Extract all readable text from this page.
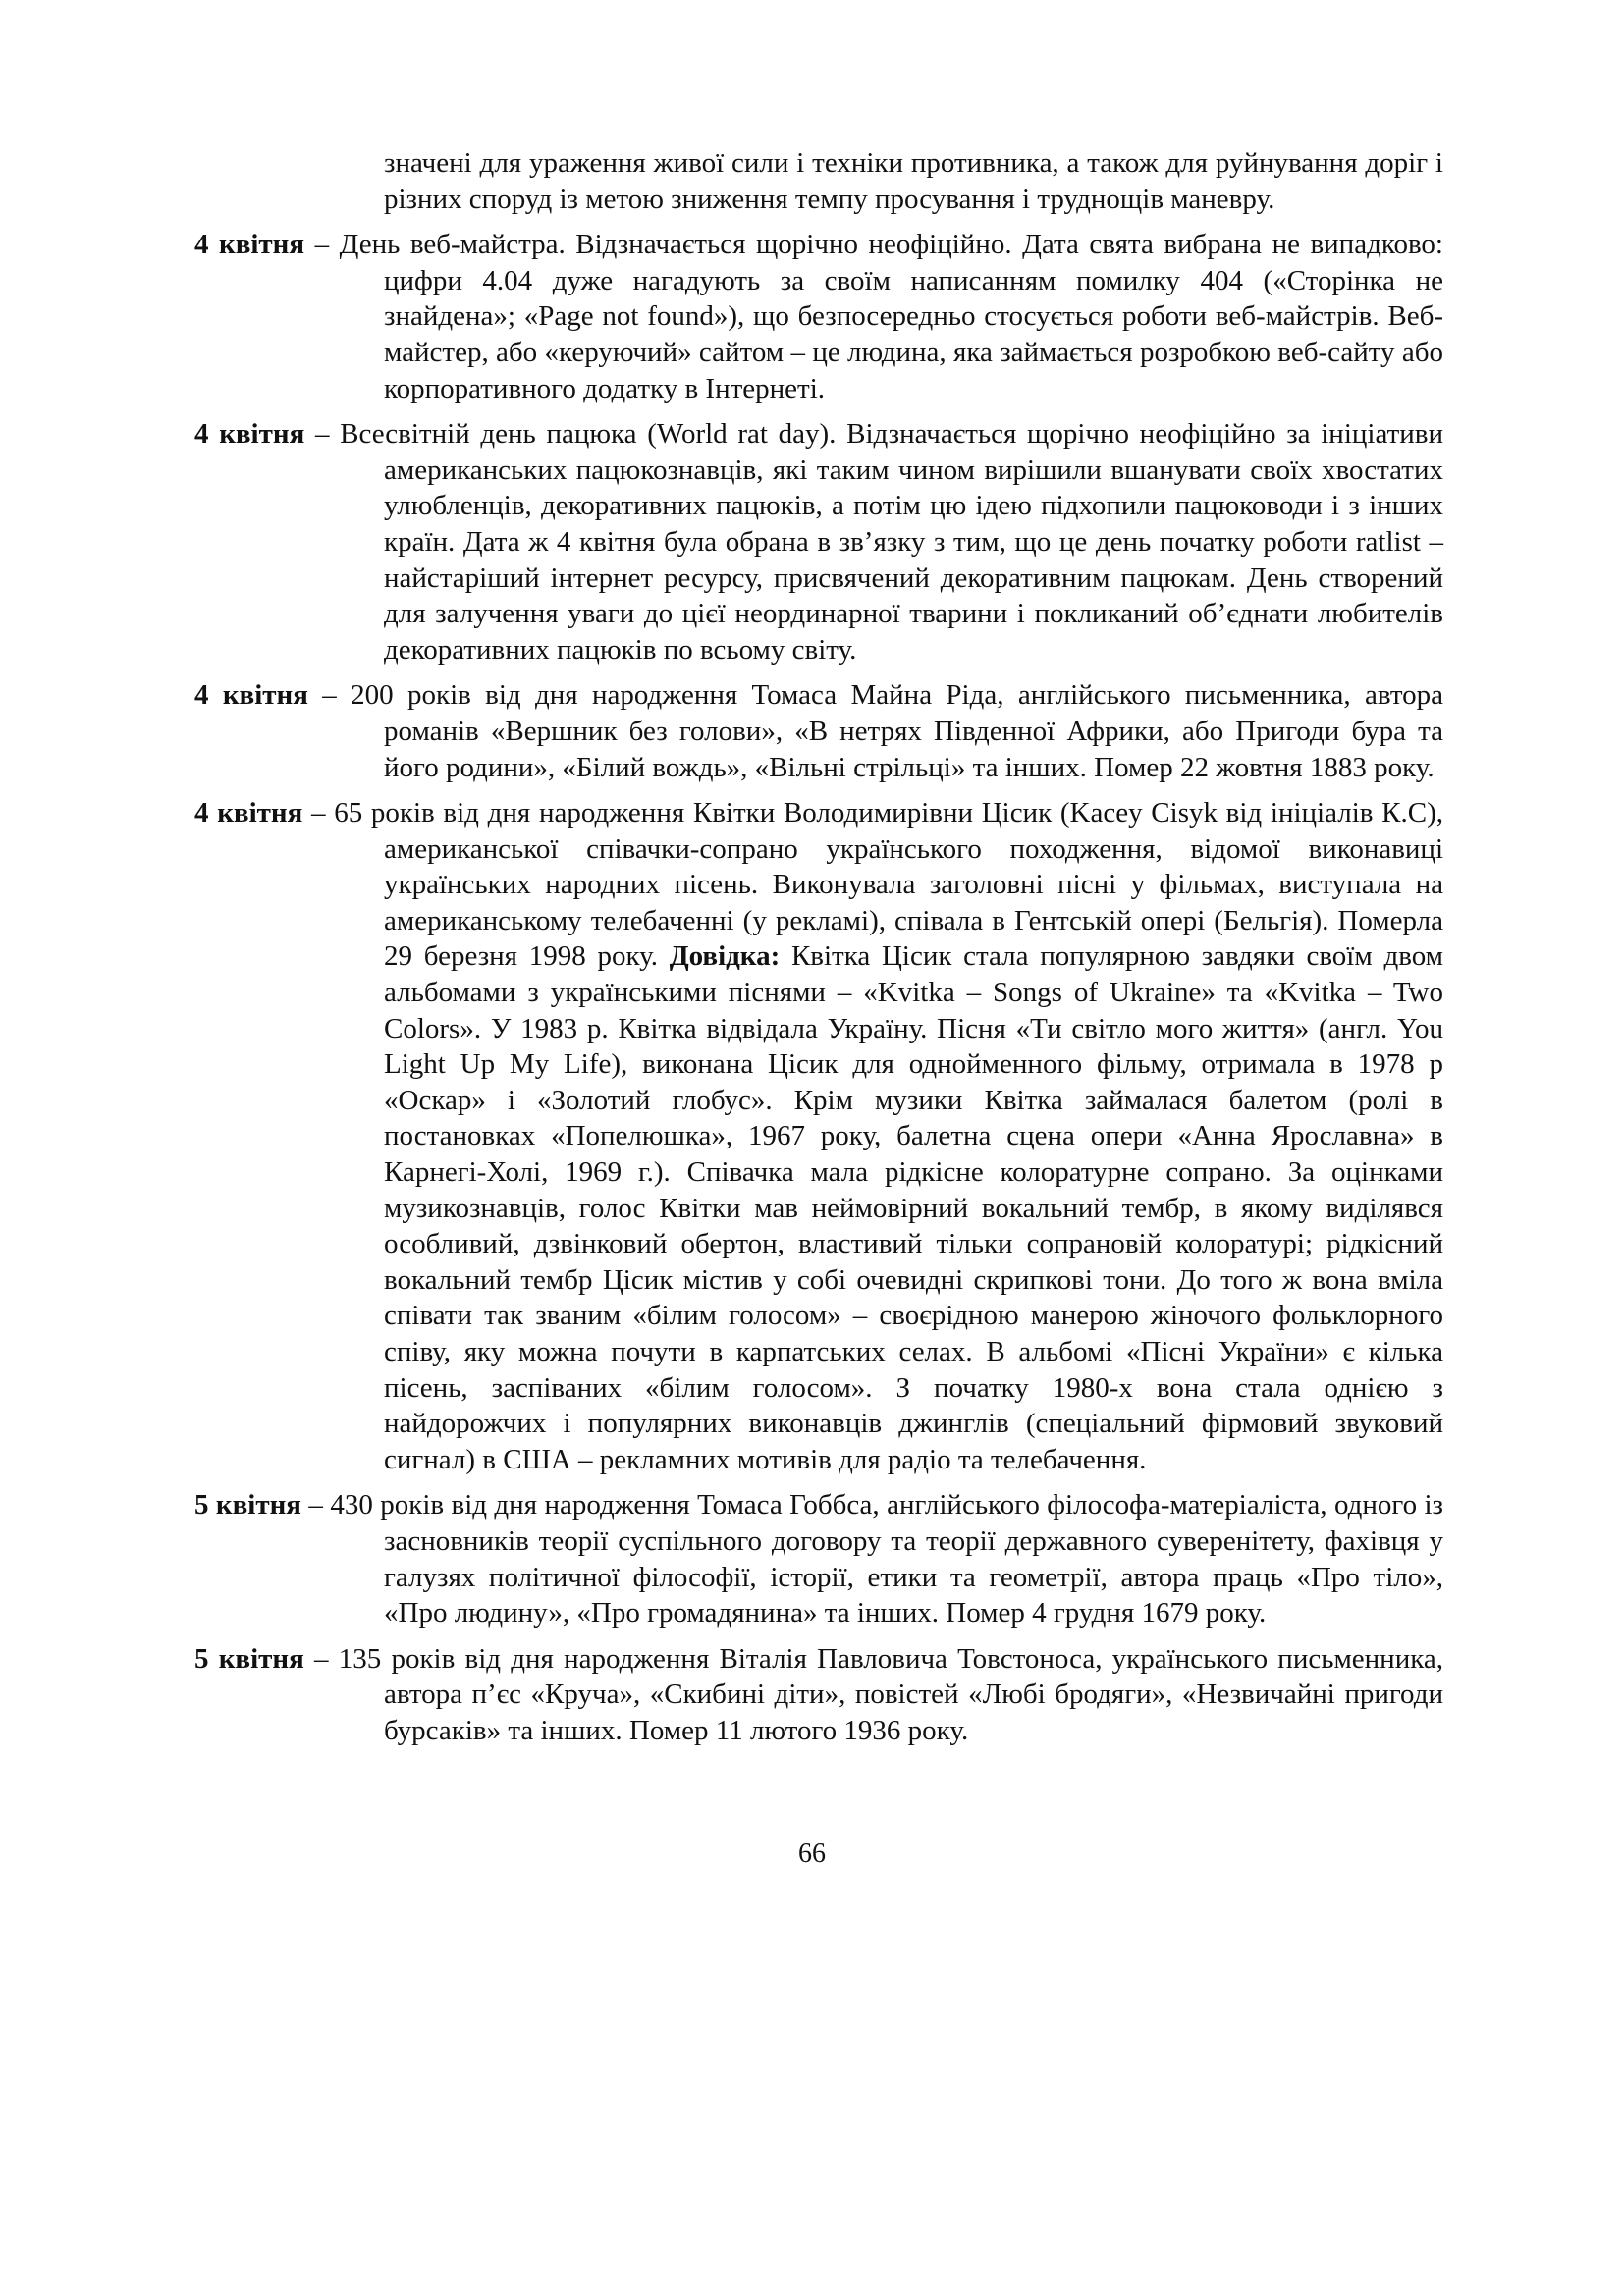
значені для ураження живої сили і техніки противника, а також для руйнування доріг і різних споруд із метою зниження темпу просування і труднощів маневру.

4 квітня – День веб-майстра. Відзначається щорічно неофіційно. Дата свята вибрана не випадково: цифри 4.04 дуже нагадують за своїм написанням помилку 404 («Сторінка не знайдена»; «Page not found»), що безпосередньо стосується роботи веб-майстрів. Веб-майстер, або «керуючий» сайтом – це людина, яка займається розробкою веб-сайту або корпоративного додатку в Інтернеті.

4 квітня – Всесвітній день пацюка (World rat day). Відзначається щорічно неофіційно за ініціативи американських пацюкознавців, які таким чином вирішили вшанувати своїх хвостатих улюбленців, декоративних пацюків, а потім цю ідею підхопили пацюководи і з інших країн. Дата ж 4 квітня була обрана в зв’язку з тим, що це день початку роботи ratlist – найстаріший інтернет ресурсу, присвячений декоративним пацюкам. День створений для залучення уваги до цієї неординарної тварини і покликаний об’єднати любителів декоративних пацюків по всьому світу.

4 квітня – 200 років від дня народження Томаса Майна Ріда, англійського письменника, автора романів «Вершник без голови», «В нетрях Південної Африки, або Пригоди бура та його родини», «Білий вождь», «Вільні стрільці» та інших. Помер 22 жовтня 1883 року.

4 квітня – 65 років від дня народження Квітки Володимирівни Цісик (Kacey Cisyk від ініціалів К.С), американської співачки-сопрано українського походження, відомої виконавиці українських народних пісень. Виконувала заголовні пісні у фільмах, виступала на американському телебаченні (у рекламі), співала в Гентській опері (Бельгія). Померла 29 березня 1998 року. Довідка: Квітка Цісик стала популярною завдяки своїм двом альбомами з українськими піснями – «Kvitka – Songs of Ukraine» та «Kvitka – Two Colors». У 1983 р. Квітка відвідала Україну. Пісня «Ти світло мого життя» (англ. You Light Up My Life), виконана Цісик для однойменного фільму, отримала в 1978 р «Оскар» і «Золотий глобус». Крім музики Квітка займалася балетом (ролі в постановках «Попелюшка», 1967 року, балетна сцена опери «Анна Ярославна» в Карнегі-Холі, 1969 г.). Співачка мала рідкісне колоратурне сопрано. За оцінками музикознавців, голос Квітки мав неймовірний вокальний тембр, в якому виділявся особливий, дзвінковий обертон, властивий тільки сопрановій колоратурі; рідкісний вокальний тембр Цісик містив у собі очевидні скрипкові тони. До того ж вона вміла співати так званим «білим голосом» – своєрідною манерою жіночого фольклорного співу, яку можна почути в карпатських селах. В альбомі «Пісні України» є кілька пісень, заспіваних «білим голосом». З початку 1980-х вона стала однією з найдорожчих і популярних виконавців джинглів (спеціальний фірмовий звуковий сигнал) в США – рекламних мотивів для радіо та телебачення.

5 квітня – 430 років від дня народження Томаса Гоббса, англійського філософа-матеріаліста, одного із засновників теорії суспільного договору та теорії державного суверенітету, фахівця у галузях політичної філософії, історії, етики та геометрії, автора праць «Про тіло», «Про людину», «Про громадянина» та інших. Помер 4 грудня 1679 року.

5 квітня – 135 років від дня народження Віталія Павловича Товстоноса, українського письменника, автора п’єс «Круча», «Скибині діти», повістей «Любі бродяги», «Незвичайні пригоди бурсаків» та інших. Помер 11 лютого 1936 року.

66
